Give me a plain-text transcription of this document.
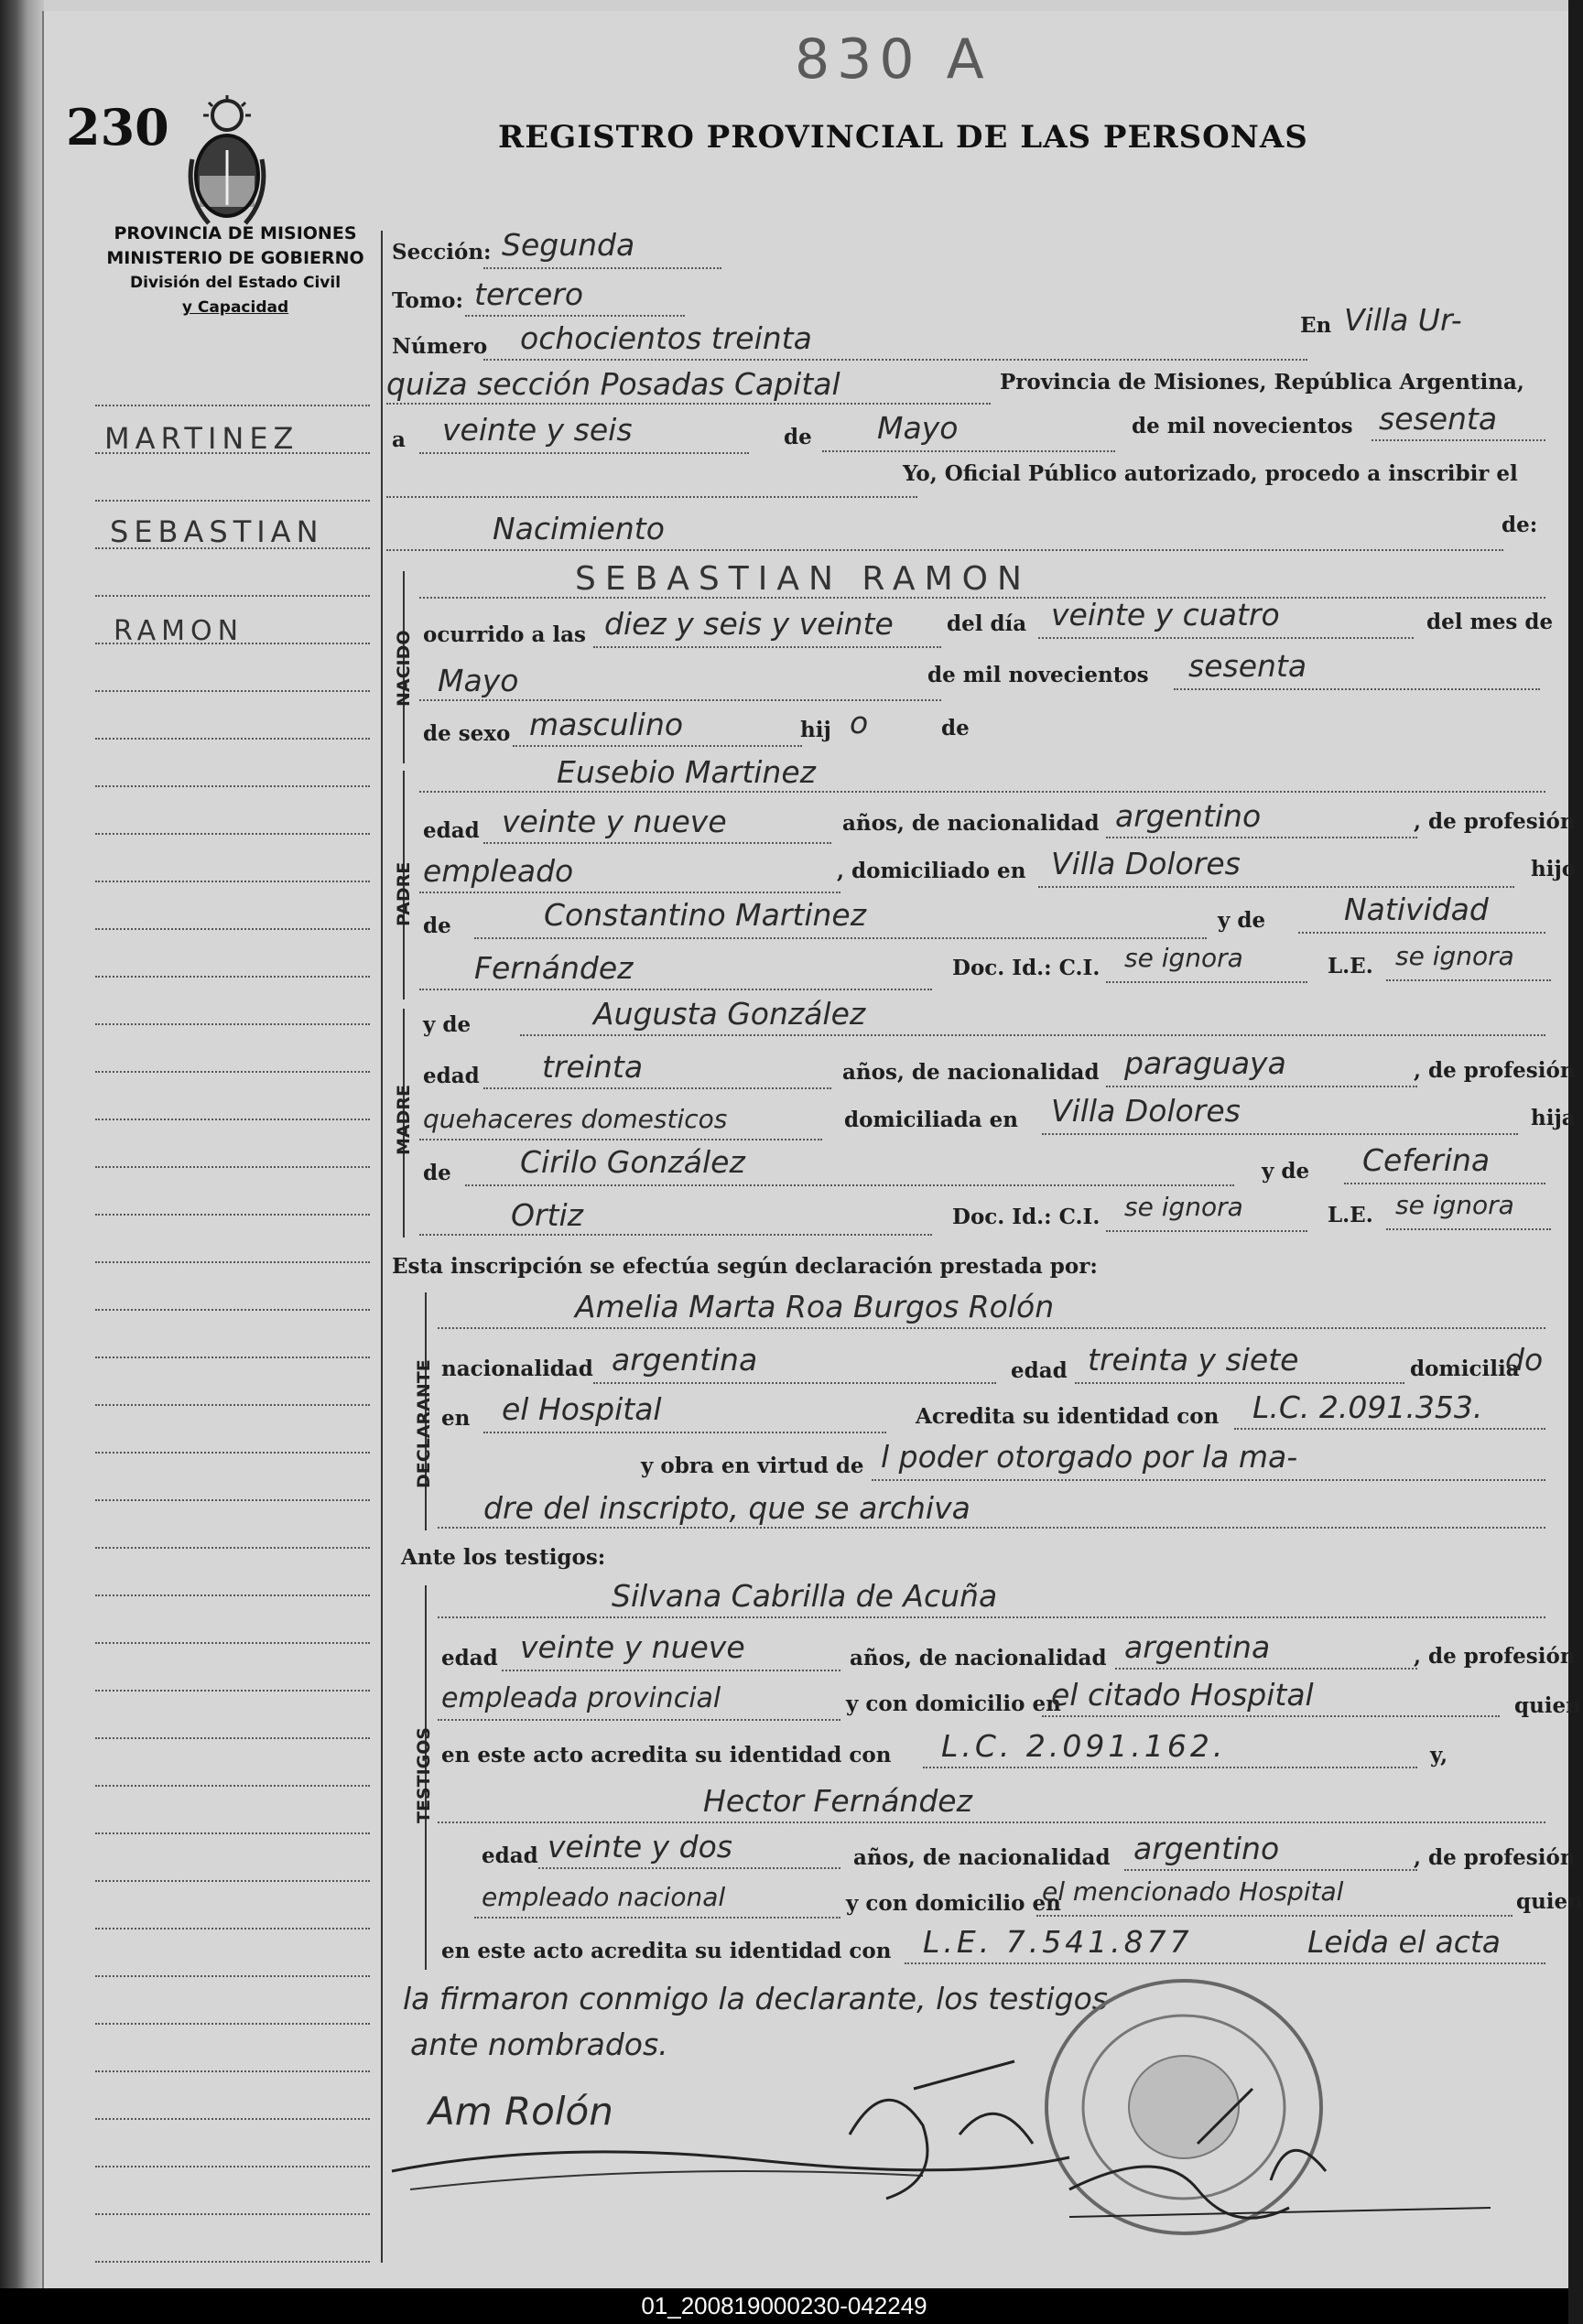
230
830 A
REGISTRO PROVINCIAL DE LAS PERSONAS
PROVINCIA DE MISIONES
MINISTERIO DE GOBIERNO
División del Estado Civil
y Capacidad
MARTINEZ
SEBASTIAN
RAMON
Sección: Segunda
Tomo: tercero
Número ochocientos treinta	En Villa Ur-
quiza sección Posadas Capital	Provincia de Misiones, República Argentina,
a veinte y seis	de Mayo	de mil novecientos sesenta
Yo, Oficial Público autorizado, procedo a inscribir el
Nacimiento	de:
NACIDO
SEBASTIAN RAMON
ocurrido a las diez y seis y veinte	del día veinte y cuatro	del mes de
Mayo	de mil novecientos sesenta
de sexo masculino	hij o	de
PADRE
Eusebio Martinez
edad veinte y nueve	años, de nacionalidad argentino	, de profesión
empleado	, domiciliado en Villa Dolores	hijo
de	Constantino Martinez	y de	Natividad
Fernández	Doc. Id.: C.I. se ignora	L.E. se ignora
MADRE
y de	Augusta González
edad treinta	años, de nacionalidad paraguaya	, de profesión
quehaceres domesticos	domiciliada en Villa Dolores	hija
de Cirilo González	y de Ceferina
Ortiz	Doc. Id.: C.I. se ignora	L.E. se ignora
Esta inscripción se efectúa según declaración prestada por:
DECLARANTE
Amelia Marta Roa Burgos Rolón
nacionalidad argentina	edad treinta y siete	domicilia
do
en el Hospital	Acredita su identidad con L.C. 2.091.353.
y obra en virtud de l poder otorgado por la ma-
dre del inscripto, que se archiva
Ante los testigos:
TESTIGOS
Silvana Cabrilla de Acuña
edad veinte y nueve	años, de nacionalidad argentina	, de profesión
empleada provincial	y con domicilio en
el citado Hospital	quien
en este acto acredita su identidad con L.C. 2.091.162.	y,
Hector Fernández
edad veinte y dos	años, de nacionalidad argentino	, de profesión
empleado nacional	y con domicilio en
el mencionado Hospital	quien
en este acto acredita su identidad con L.E. 7.541.877	Leida el acta
la firmaron conmigo la declarante, los testigos
ante nombrados.
Am Rolón
01_200819000230-042249
